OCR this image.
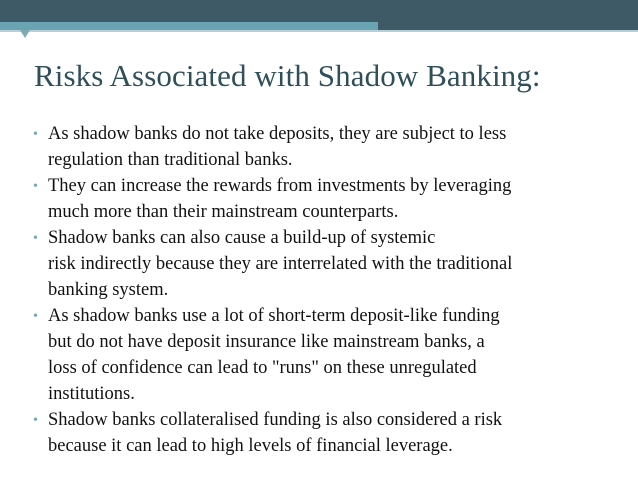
Risks Associated with Shadow Banking:
• As shadow banks do not take deposits, they are subject to less
regulation than traditional banks.
• They can increase the rewards from investments by leveraging
much more than their mainstream counterparts.
• Shadow banks can also cause a build-up of systemic
risk indirectly because they are interrelated with the traditional
banking system.
• As shadow banks use a lot of short-term deposit-like funding
but do not have deposit insurance like mainstream banks, a
loss of confidence can lead to "runs" on these unregulated
institutions.
• Shadow banks collateralised funding is also considered a risk
because it can lead to high levels of financial leverage.
